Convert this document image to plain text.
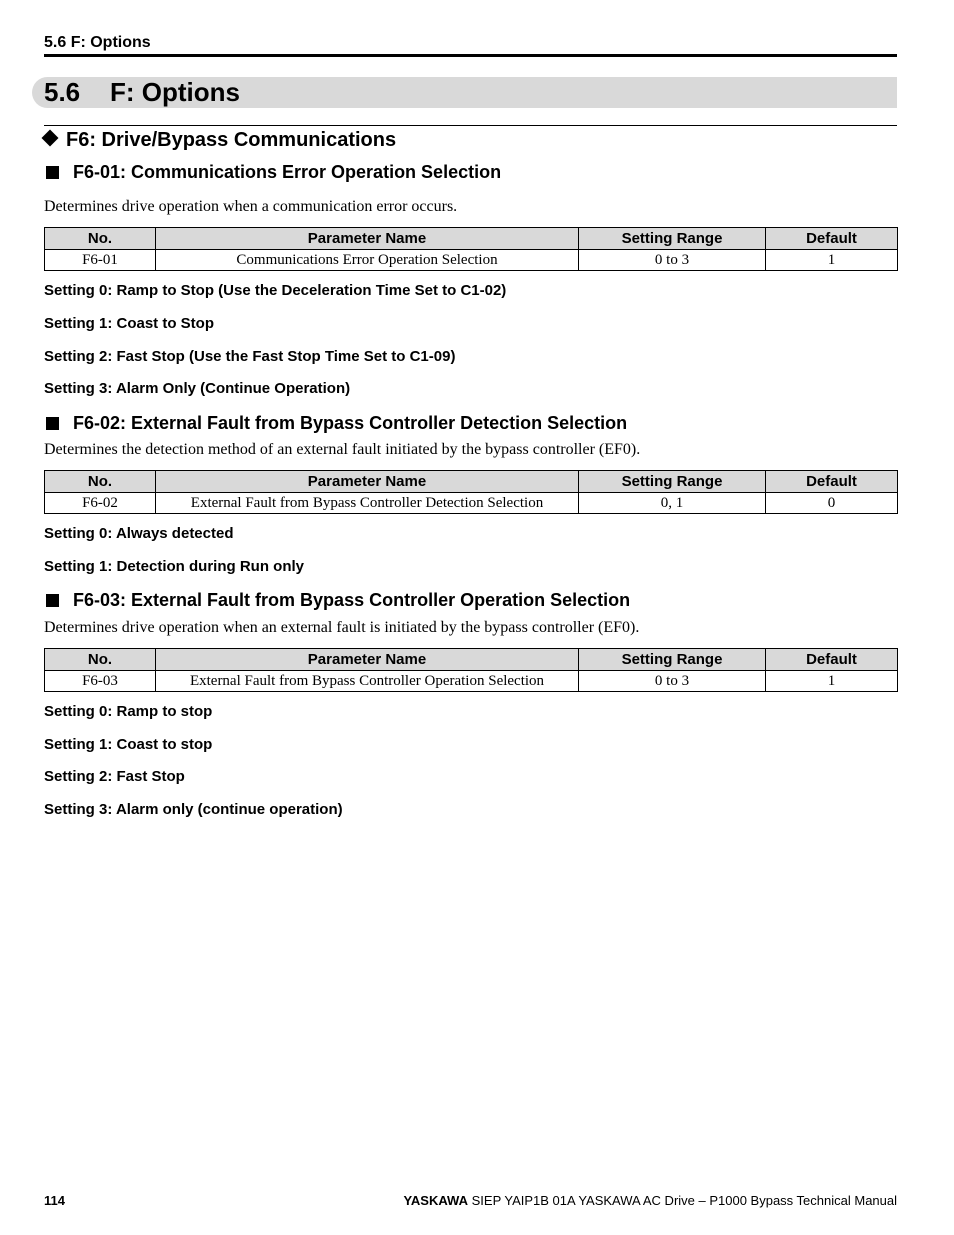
5.6 F: Options
5.6 F: Options
F6: Drive/Bypass Communications
F6-01: Communications Error Operation Selection
Determines drive operation when a communication error occurs.
No.	Parameter Name	Setting Range	Default
F6-01	Communications Error Operation Selection	0 to 3	1
Setting 0: Ramp to Stop (Use the Deceleration Time Set to C1-02)
Setting 1: Coast to Stop
Setting 2: Fast Stop (Use the Fast Stop Time Set to C1-09)
Setting 3: Alarm Only (Continue Operation)
F6-02: External Fault from Bypass Controller Detection Selection
Determines the detection method of an external fault initiated by the bypass controller (EF0).
No.	Parameter Name	Setting Range	Default
F6-02	External Fault from Bypass Controller Detection Selection	0, 1	0
Setting 0: Always detected
Setting 1: Detection during Run only
F6-03: External Fault from Bypass Controller Operation Selection
Determines drive operation when an external fault is initiated by the bypass controller (EF0).
No.	Parameter Name	Setting Range	Default
F6-03	External Fault from Bypass Controller Operation Selection	0 to 3	1
Setting 0: Ramp to stop
Setting 1: Coast to stop
Setting 2: Fast Stop
Setting 3: Alarm only (continue operation)
114	YASKAWA SIEP YAIP1B 01A YASKAWA AC Drive – P1000 Bypass Technical Manual
